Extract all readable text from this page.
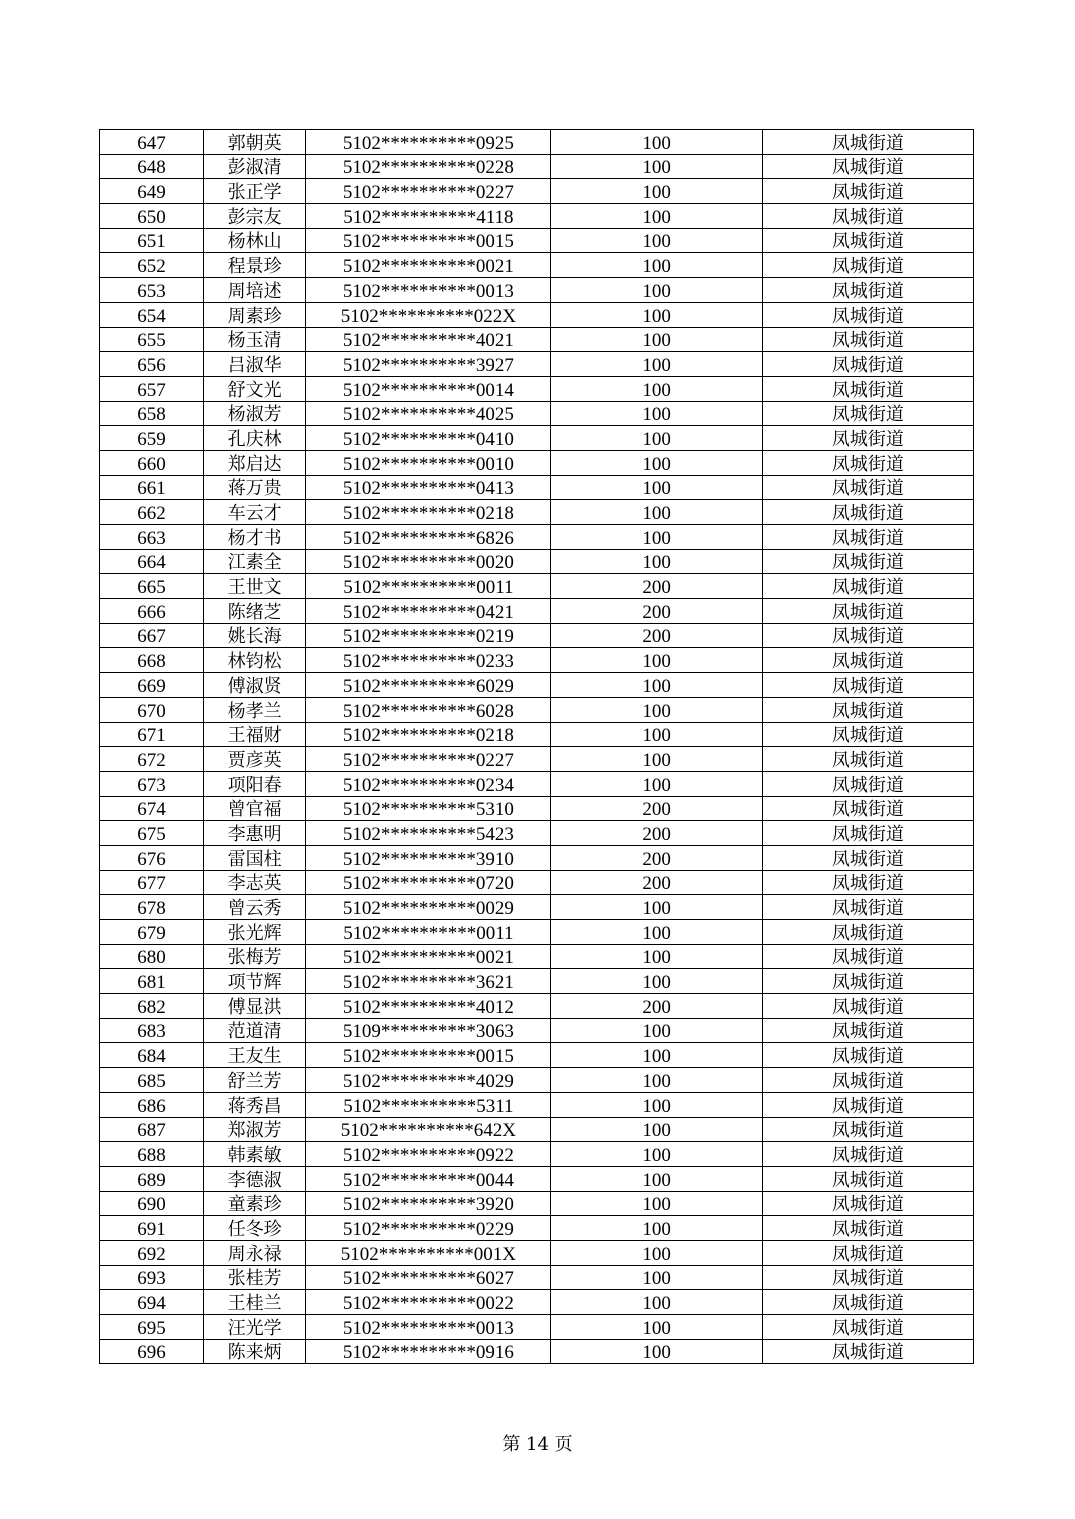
647	郭朝英	5102**********0925	100	凤城街道
648	彭淑清	5102**********0228	100	凤城街道
649	张正学	5102**********0227	100	凤城街道
650	彭宗友	5102**********4118	100	凤城街道
651	杨林山	5102**********0015	100	凤城街道
652	程景珍	5102**********0021	100	凤城街道
653	周培述	5102**********0013	100	凤城街道
654	周素珍	5102**********022X	100	凤城街道
655	杨玉清	5102**********4021	100	凤城街道
656	吕淑华	5102**********3927	100	凤城街道
657	舒文光	5102**********0014	100	凤城街道
658	杨淑芳	5102**********4025	100	凤城街道
659	孔庆林	5102**********0410	100	凤城街道
660	郑启达	5102**********0010	100	凤城街道
661	蒋万贵	5102**********0413	100	凤城街道
662	车云才	5102**********0218	100	凤城街道
663	杨才书	5102**********6826	100	凤城街道
664	江素全	5102**********0020	100	凤城街道
665	王世文	5102**********0011	200	凤城街道
666	陈绪芝	5102**********0421	200	凤城街道
667	姚长海	5102**********0219	200	凤城街道
668	林钧松	5102**********0233	100	凤城街道
669	傅淑贤	5102**********6029	100	凤城街道
670	杨孝兰	5102**********6028	100	凤城街道
671	王福财	5102**********0218	100	凤城街道
672	贾彦英	5102**********0227	100	凤城街道
673	项阳春	5102**********0234	100	凤城街道
674	曾官福	5102**********5310	200	凤城街道
675	李惠明	5102**********5423	200	凤城街道
676	雷国柱	5102**********3910	200	凤城街道
677	李志英	5102**********0720	200	凤城街道
678	曾云秀	5102**********0029	100	凤城街道
679	张光辉	5102**********0011	100	凤城街道
680	张梅芳	5102**********0021	100	凤城街道
681	项节辉	5102**********3621	100	凤城街道
682	傅显洪	5102**********4012	200	凤城街道
683	范道清	5109**********3063	100	凤城街道
684	王友生	5102**********0015	100	凤城街道
685	舒兰芳	5102**********4029	100	凤城街道
686	蒋秀昌	5102**********5311	100	凤城街道
687	郑淑芳	5102**********642X	100	凤城街道
688	韩素敏	5102**********0922	100	凤城街道
689	李德淑	5102**********0044	100	凤城街道
690	童素珍	5102**********3920	100	凤城街道
691	任冬珍	5102**********0229	100	凤城街道
692	周永禄	5102**********001X	100	凤城街道
693	张桂芳	5102**********6027	100	凤城街道
694	王桂兰	5102**********0022	100	凤城街道
695	汪光学	5102**********0013	100	凤城街道
696	陈来炳	5102**********0916	100	凤城街道
第 14 页
